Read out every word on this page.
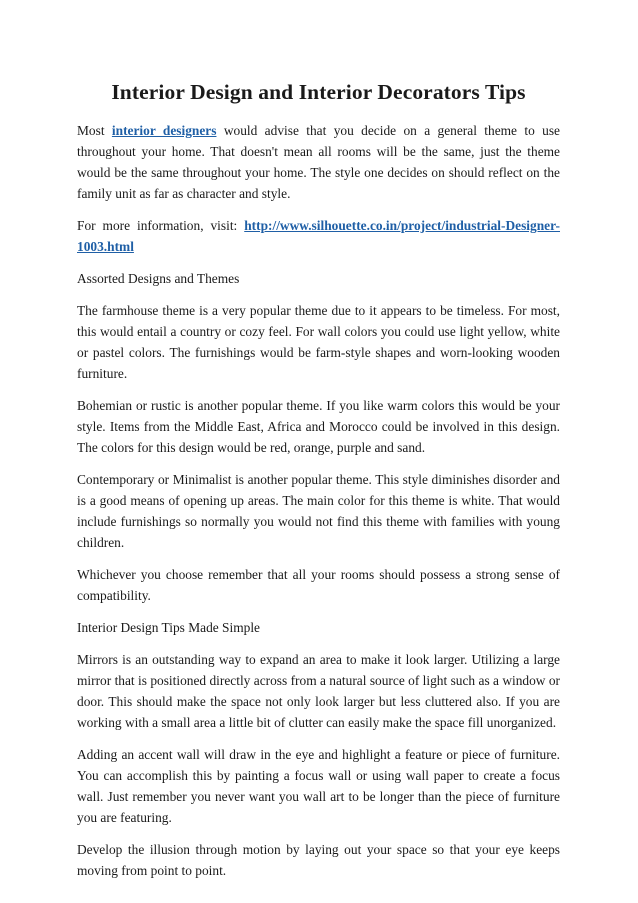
Interior Design and Interior Decorators Tips

Most interior designers would advise that you decide on a general theme to use throughout your home. That doesn't mean all rooms will be the same, just the theme would be the same throughout your home. The style one decides on should reflect on the family unit as far as character and style.

For more information, visit: http://www.silhouette.co.in/project/industrial-Designer-1003.html

Assorted Designs and Themes

The farmhouse theme is a very popular theme due to it appears to be timeless. For most, this would entail a country or cozy feel. For wall colors you could use light yellow, white or pastel colors. The furnishings would be farm-style shapes and worn-looking wooden furniture.

Bohemian or rustic is another popular theme. If you like warm colors this would be your style. Items from the Middle East, Africa and Morocco could be involved in this design. The colors for this design would be red, orange, purple and sand.

Contemporary or Minimalist is another popular theme. This style diminishes disorder and is a good means of opening up areas. The main color for this theme is white. That would include furnishings so normally you would not find this theme with families with young children.

Whichever you choose remember that all your rooms should possess a strong sense of compatibility.

Interior Design Tips Made Simple

Mirrors is an outstanding way to expand an area to make it look larger. Utilizing a large mirror that is positioned directly across from a natural source of light such as a window or door. This should make the space not only look larger but less cluttered also. If you are working with a small area a little bit of clutter can easily make the space fill unorganized.

Adding an accent wall will draw in the eye and highlight a feature or piece of furniture. You can accomplish this by painting a focus wall or using wall paper to create a focus wall. Just remember you never want you wall art to be longer than the piece of furniture you are featuring.

Develop the illusion through motion by laying out your space so that your eye keeps moving from point to point.
